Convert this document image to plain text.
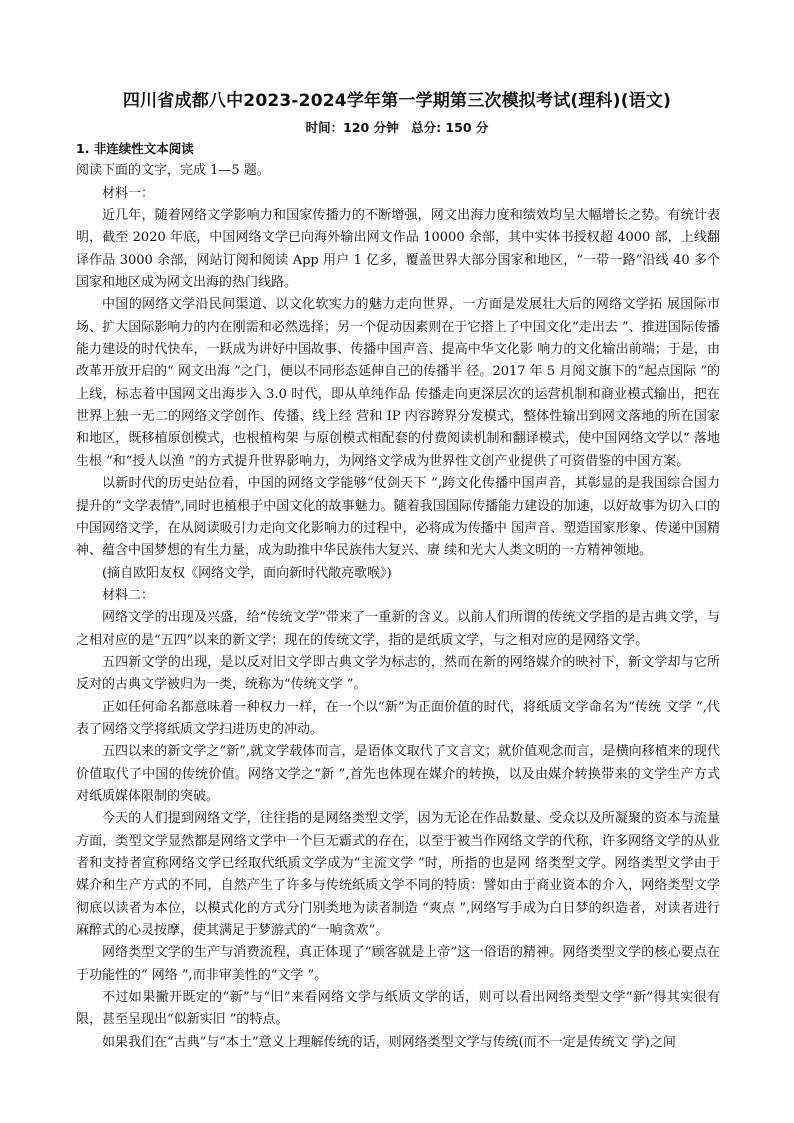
四川省成都八中2023-2024学年第一学期第三次模拟考试(理科)(语文)
时间：120 分钟　总分: 150 分

1. 非连续性文本阅读

阅读下面的文字，完成 1—5 题。

材料一：

近几年，随着网络文学影响力和国家传播力的不断增强，网文出海力度和绩效均呈大幅增长之势。有统计表明，截至 2020 年底，中国网络文学已向海外输出网文作品 10000 余部，其中实体书授权超 4000 部，上线翻译作品 3000 余部，网站订阅和阅读 App 用户 1 亿多，覆盖世界大部分国家和地区，“一带一路”沿线 40 多个国家和地区成为网文出海的热门线路。

中国的网络文学沿民间渠道、以文化软实力的魅力走向世界，一方面是发展壮大后的网络文学拓 展国际市场、扩大国际影响力的内在刚需和必然选择；另一个促动因素则在于它搭上了中国文化“走出去 ”、推进国际传播能力建设的时代快车，一跃成为讲好中国故事、传播中国声音、提高中华文化影 响力的文化输出前端；于是，由改革开放开启的“ 网文出海 ”之门，便以不同形态延伸自己的传播半 径。2017 年 5 月阅文旗下的“起点国际 ”的上线，标志着中国网文出海步入 3.0 时代，即从单纯作品 传播走向更深层次的运营机制和商业模式输出，把在世界上独一无二的网络文学创作、传播、线上经 营和 IP 内容跨界分发模式，整体性输出到网文落地的所在国家和地区，既移植原创模式，也根植构架 与原创模式相配套的付费阅读机制和翻译模式，使中国网络文学以“ 落地生根 ”和“授人以渔 ”的方式提升世界影响力，为网络文学成为世界性文创产业提供了可资借鉴的中国方案。

以新时代的历史站位看，中国的网络文学能够“仗剑天下 ”,跨文化传播中国声音，其彰显的是我国综合国力提升的“文学表情”,同时也植根于中国文化的故事魅力。随着我国国际传播能力建设的加速，以好故事为切入口的中国网络文学，在从阅读吸引力走向文化影响力的过程中，必将成为传播中 国声音、塑造国家形象、传递中国精神、蕴含中国梦想的有生力量，成为助推中华民族伟大复兴、赓 续和光大人类文明的一方精神领地。

(摘自欧阳友权《网络文学，面向新时代敞亮歌喉》)

材料二：

网络文学的出现及兴盛，给“传统文学”带来了一重新的含义。以前人们所谓的传统文学指的是古典文学，与之相对应的是“五四”以来的新文学；现在的传统文学，指的是纸质文学，与之相对应的是网络文学。

五四新文学的出现，是以反对旧文学即古典文学为标志的，然而在新的网络媒介的映衬下，新文学却与它所反对的古典文学被归为一类，统称为“传统文学 ”。

正如任何命名都意味着一种权力一样，在一个以“新”为正面价值的时代，将纸质文学命名为“传统 文学 ”,代表了网络文学将纸质文学扫进历史的冲动。

五四以来的新文学之“新”,就文学载体而言，是语体文取代了文言文；就价值观念而言，是横向移植来的现代价值取代了中国的传统价值。网络文学之“新 ”,首先也体现在媒介的转换，以及由媒介转换带来的文学生产方式对纸质媒体限制的突破。

今天的人们提到网络文学，往往指的是网络类型文学，因为无论在作品数量、受众以及所凝聚的资本与流量方面，类型文学显然都是网络文学中一个巨无霸式的存在，以至于被当作网络文学的代称，许多网络文学的从业者和支持者宣称网络文学已经取代纸质文学成为“主流文学 ”时，所指的也是网 络类型文学。网络类型文学由于媒介和生产方式的不同，自然产生了许多与传统纸质文学不同的特质：譬如由于商业资本的介入，网络类型文学彻底以读者为本位，以模式化的方式分门别类地为读者制造 “爽点 ”,网络写手成为白日梦的织造者，对读者进行麻醉式的心灵按摩，使其满足于梦游式的“一晌贪欢”。

网络类型文学的生产与消费流程，真正体现了“顾客就是上帝”这一俗语的精神。网络类型文学的核心要点在于功能性的“ 网络 ”,而非审美性的“文学 ”。

不过如果撇开既定的“新”与“旧”来看网络文学与纸质文学的话，则可以看出网络类型文学“新”得其实很有限，甚至呈现出“似新实旧 ”的特点。

如果我们在“古典”与“本土”意义上理解传统的话，则网络类型文学与传统(而不一定是传统文 学)之间
